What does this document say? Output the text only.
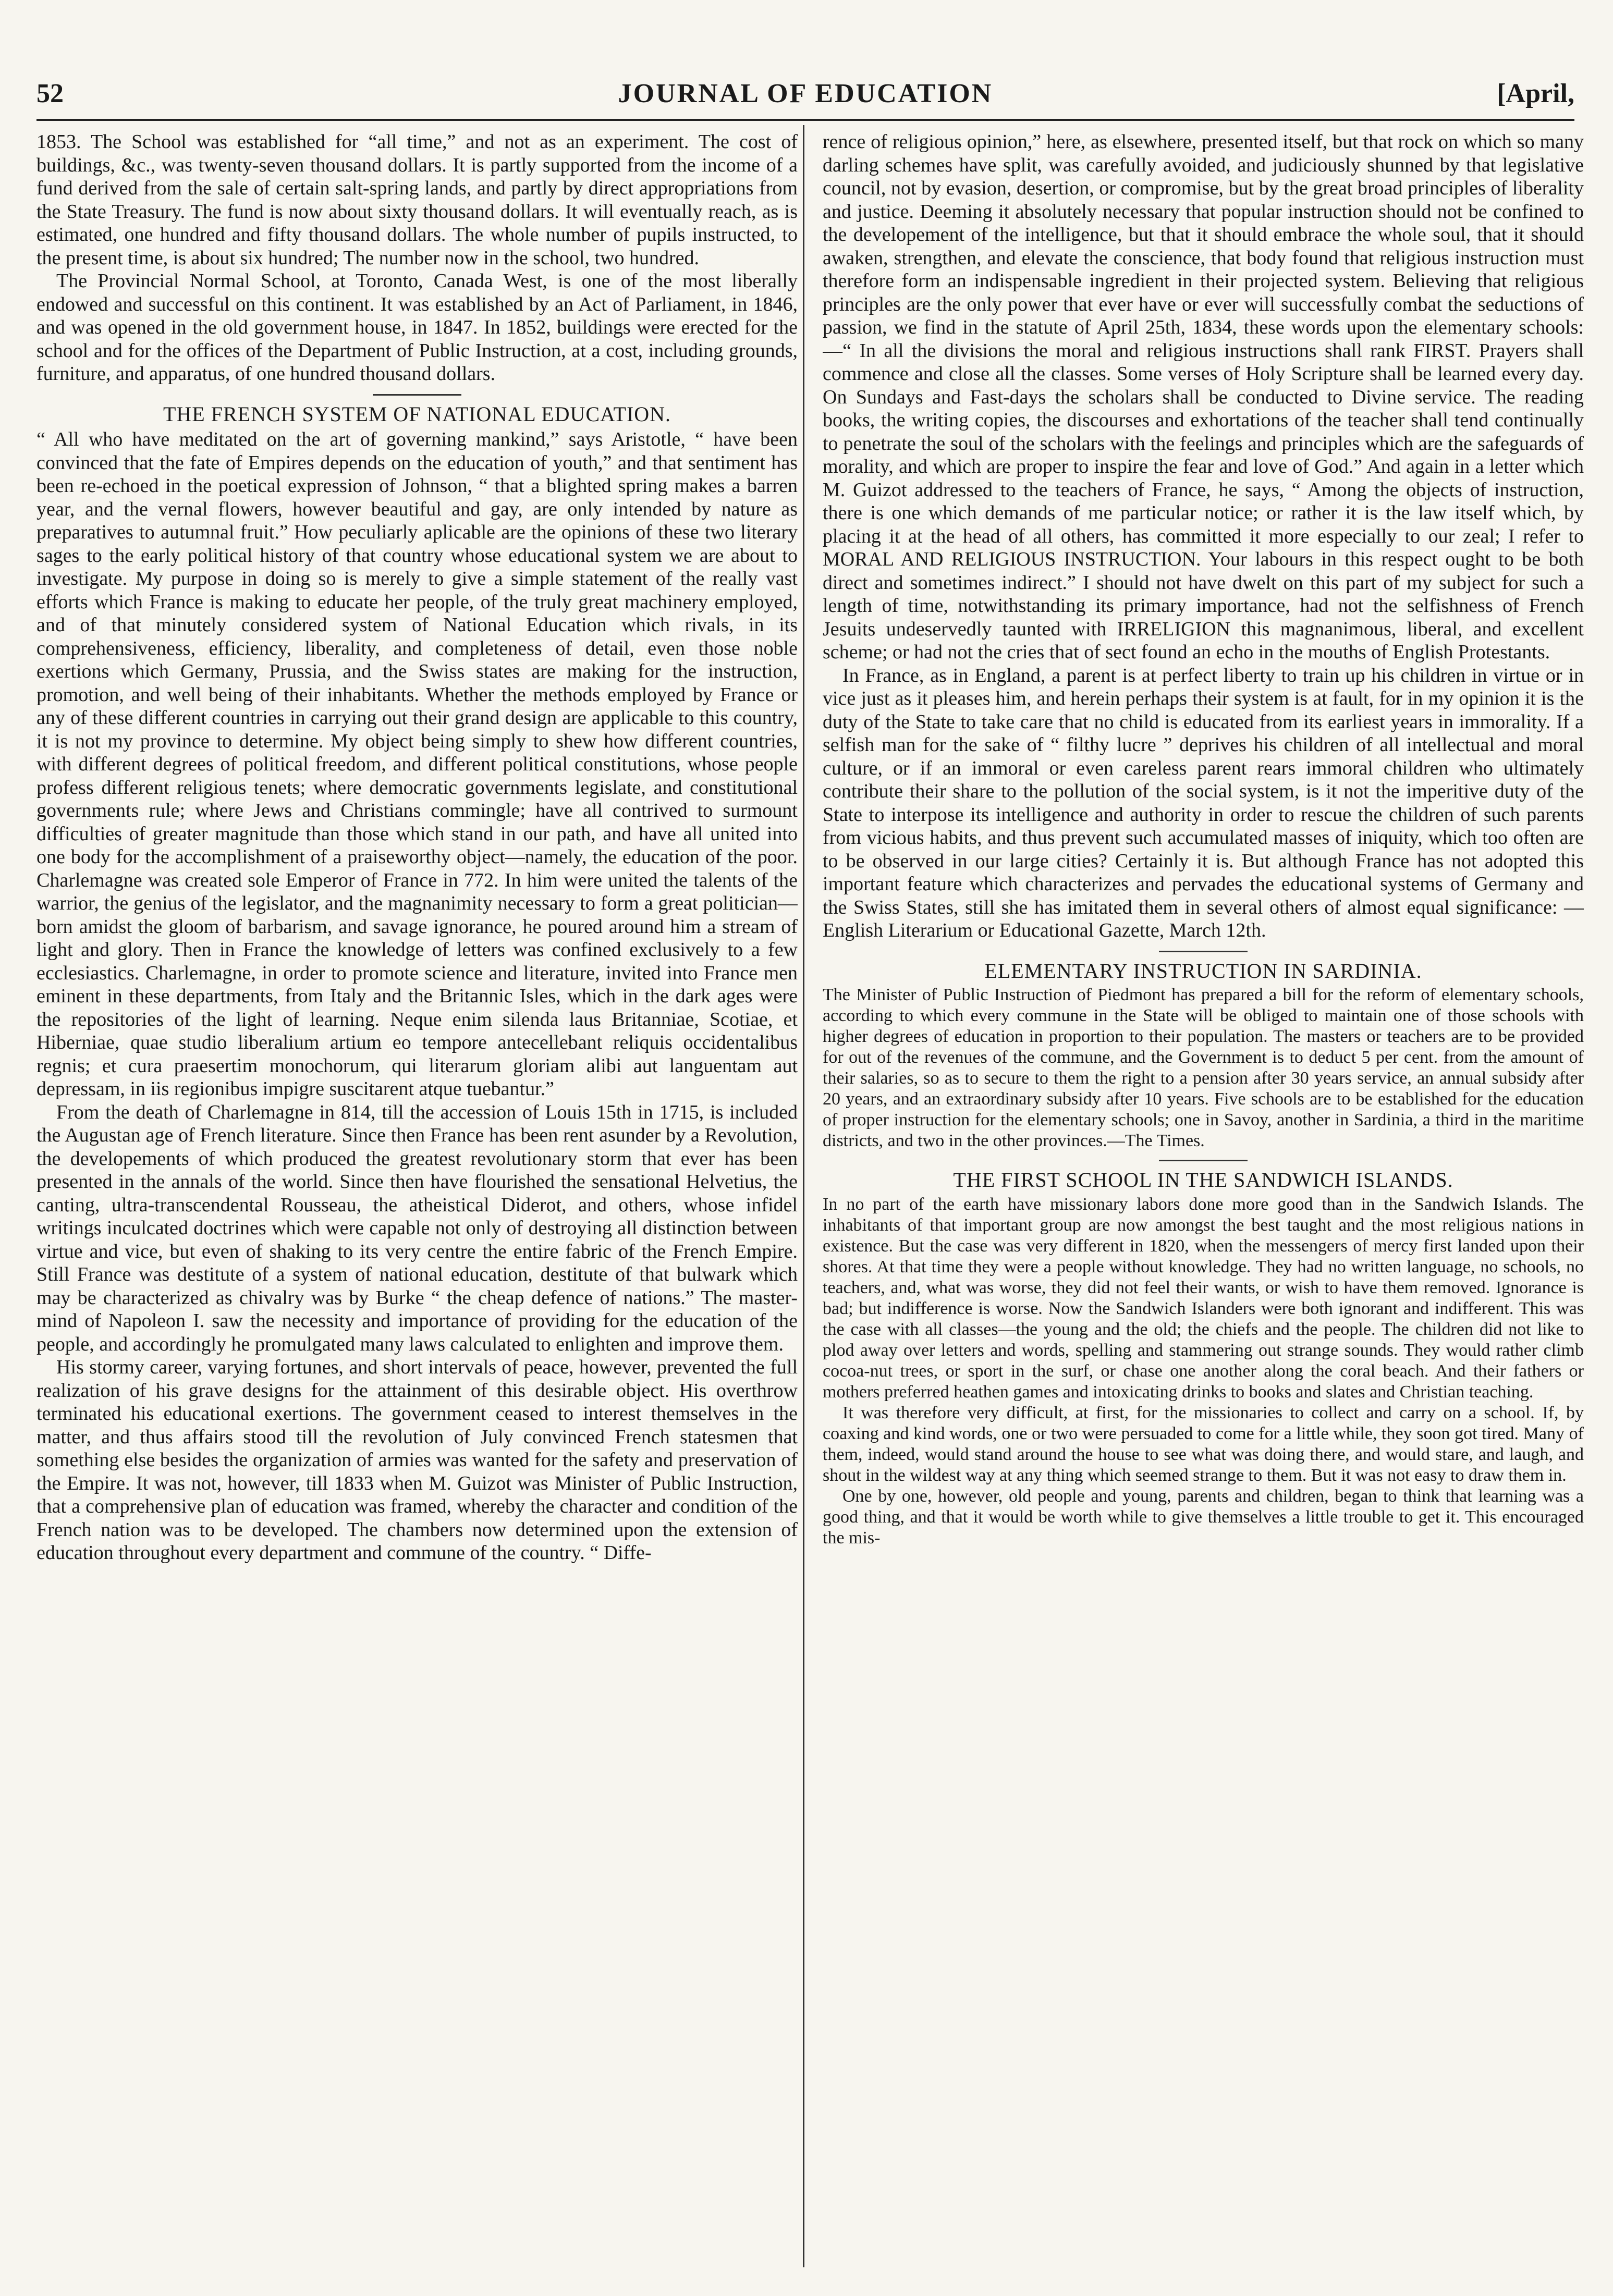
52	JOURNAL OF EDUCATION	[April,

1853. The School was established for “all time,” and not as an experiment. The cost of buildings, &c., was twenty-seven thousand dollars. It is partly supported from the income of a fund derived from the sale of certain salt-spring lands, and partly by direct appropriations from the State Treasury. The fund is now about sixty thousand dollars. It will eventually reach, as is estimated, one hundred and fifty thousand dollars. The whole number of pupils instructed, to the present time, is about six hundred; The number now in the school, two hundred.

The Provincial Normal School, at Toronto, Canada West, is one of the most liberally endowed and successful on this continent. It was established by an Act of Parliament, in 1846, and was opened in the old government house, in 1847. In 1852, buildings were erected for the school and for the offices of the Department of Public Instruction, at a cost, including grounds, furniture, and apparatus, of one hundred thousand dollars.

THE FRENCH SYSTEM OF NATIONAL EDUCATION.

“ All who have meditated on the art of governing mankind,” says Aristotle, “ have been convinced that the fate of Empires depends on the education of youth,” and that sentiment has been re-echoed in the poetical expression of Johnson, “ that a blighted spring makes a barren year, and the vernal flowers, however beautiful and gay, are only intended by nature as preparatives to autumnal fruit.” How peculiarly aplicable are the opinions of these two literary sages to the early political history of that country whose educational system we are about to investigate. My purpose in doing so is merely to give a simple statement of the really vast efforts which France is making to educate her people, of the truly great machinery employed, and of that minutely considered system of National Education which rivals, in its comprehensiveness, efficiency, liberality, and completeness of detail, even those noble exertions which Germany, Prussia, and the Swiss states are making for the instruction, promotion, and well being of their inhabitants. Whether the methods employed by France or any of these different countries in carrying out their grand design are applicable to this country, it is not my province to determine. My object being simply to shew how different countries, with different degrees of political freedom, and different political constitutions, whose people profess different religious tenets; where democratic governments legislate, and constitutional governments rule; where Jews and Christians commingle; have all contrived to surmount difficulties of greater magnitude than those which stand in our path, and have all united into one body for the accomplishment of a praiseworthy object—namely, the education of the poor. Charlemagne was created sole Emperor of France in 772. In him were united the talents of the warrior, the genius of the legislator, and the magnanimity necessary to form a great politician—born amidst the gloom of barbarism, and savage ignorance, he poured around him a stream of light and glory. Then in France the knowledge of letters was confined exclusively to a few ecclesiastics. Charlemagne, in order to promote science and literature, invited into France men eminent in these departments, from Italy and the Britannic Isles, which in the dark ages were the repositories of the light of learning. Neque enim silenda laus Britanniae, Scotiae, et Hiberniae, quae studio liberalium artium eo tempore antecellebant reliquis occidentalibus regnis; et cura praesertim monochorum, qui literarum gloriam alibi aut languentam aut depressam, in iis regionibus impigre suscitarent atque tuebantur.”

From the death of Charlemagne in 814, till the accession of Louis 15th in 1715, is included the Augustan age of French literature. Since then France has been rent asunder by a Revolution, the developements of which produced the greatest revolutionary storm that ever has been presented in the annals of the world. Since then have flourished the sensational Helvetius, the canting, ultra-transcendental Rousseau, the atheistical Diderot, and others, whose infidel writings inculcated doctrines which were capable not only of destroying all distinction between virtue and vice, but even of shaking to its very centre the entire fabric of the French Empire. Still France was destitute of a system of national education, destitute of that bulwark which may be characterized as chivalry was by Burke “ the cheap defence of nations.” The master-mind of Napoleon I. saw the necessity and importance of providing for the education of the people, and accordingly he promulgated many laws calculated to enlighten and improve them.

His stormy career, varying fortunes, and short intervals of peace, however, prevented the full realization of his grave designs for the attainment of this desirable object. His overthrow terminated his educational exertions. The government ceased to interest themselves in the matter, and thus affairs stood till the revolution of July convinced French statesmen that something else besides the organization of armies was wanted for the safety and preservation of the Empire. It was not, however, till 1833 when M. Guizot was Minister of Public Instruction, that a comprehensive plan of education was framed, whereby the character and condition of the French nation was to be developed. The chambers now determined upon the extension of education throughout every department and commune of the country. “ Diffe-

rence of religious opinion,” here, as elsewhere, presented itself, but that rock on which so many darling schemes have split, was carefully avoided, and judiciously shunned by that legislative council, not by evasion, desertion, or compromise, but by the great broad principles of liberality and justice. Deeming it absolutely necessary that popular instruction should not be confined to the developement of the intelligence, but that it should embrace the whole soul, that it should awaken, strengthen, and elevate the conscience, that body found that religious instruction must therefore form an indispensable ingredient in their projected system. Believing that religious principles are the only power that ever have or ever will successfully combat the seductions of passion, we find in the statute of April 25th, 1834, these words upon the elementary schools:—“ In all the divisions the moral and religious instructions shall rank FIRST. Prayers shall commence and close all the classes. Some verses of Holy Scripture shall be learned every day. On Sundays and Fast-days the scholars shall be conducted to Divine service. The reading books, the writing copies, the discourses and exhortations of the teacher shall tend continually to penetrate the soul of the scholars with the feelings and principles which are the safeguards of morality, and which are proper to inspire the fear and love of God.” And again in a letter which M. Guizot addressed to the teachers of France, he says, “ Among the objects of instruction, there is one which demands of me particular notice; or rather it is the law itself which, by placing it at the head of all others, has committed it more especially to our zeal; I refer to MORAL AND RELIGIOUS INSTRUCTION. Your labours in this respect ought to be both direct and sometimes indirect.” I should not have dwelt on this part of my subject for such a length of time, notwithstanding its primary importance, had not the selfishness of French Jesuits undeservedly taunted with IRRELIGION this magnanimous, liberal, and excellent scheme; or had not the cries that of sect found an echo in the mouths of English Protestants.

In France, as in England, a parent is at perfect liberty to train up his children in virtue or in vice just as it pleases him, and herein perhaps their system is at fault, for in my opinion it is the duty of the State to take care that no child is educated from its earliest years in immorality. If a selfish man for the sake of “ filthy lucre ” deprives his children of all intellectual and moral culture, or if an immoral or even careless parent rears immoral children who ultimately contribute their share to the pollution of the social system, is it not the imperitive duty of the State to interpose its intelligence and authority in order to rescue the children of such parents from vicious habits, and thus prevent such accumulated masses of iniquity, which too often are to be observed in our large cities? Certainly it is. But although France has not adopted this important feature which characterizes and pervades the educational systems of Germany and the Swiss States, still she has imitated them in several others of almost equal significance: — English Literarium or Educational Gazette, March 12th.

ELEMENTARY INSTRUCTION IN SARDINIA.

The Minister of Public Instruction of Piedmont has prepared a bill for the reform of elementary schools, according to which every commune in the State will be obliged to maintain one of those schools with higher degrees of education in proportion to their population. The masters or teachers are to be provided for out of the revenues of the commune, and the Government is to deduct 5 per cent. from the amount of their salaries, so as to secure to them the right to a pension after 30 years service, an annual subsidy after 20 years, and an extraordinary subsidy after 10 years. Five schools are to be established for the education of proper instruction for the elementary schools; one in Savoy, another in Sardinia, a third in the maritime districts, and two in the other provinces.—The Times.

THE FIRST SCHOOL IN THE SANDWICH ISLANDS.

In no part of the earth have missionary labors done more good than in the Sandwich Islands. The inhabitants of that important group are now amongst the best taught and the most religious nations in existence. But the case was very different in 1820, when the messengers of mercy first landed upon their shores. At that time they were a people without knowledge. They had no written language, no schools, no teachers, and, what was worse, they did not feel their wants, or wish to have them removed. Ignorance is bad; but indifference is worse. Now the Sandwich Islanders were both ignorant and indifferent. This was the case with all classes—the young and the old; the chiefs and the people. The children did not like to plod away over letters and words, spelling and stammering out strange sounds. They would rather climb cocoa-nut trees, or sport in the surf, or chase one another along the coral beach. And their fathers or mothers preferred heathen games and intoxicating drinks to books and slates and Christian teaching.

It was therefore very difficult, at first, for the missionaries to collect and carry on a school. If, by coaxing and kind words, one or two were persuaded to come for a little while, they soon got tired. Many of them, indeed, would stand around the house to see what was doing there, and would stare, and laugh, and shout in the wildest way at any thing which seemed strange to them. But it was not easy to draw them in.

One by one, however, old people and young, parents and children, began to think that learning was a good thing, and that it would be worth while to give themselves a little trouble to get it. This encouraged the mis-
